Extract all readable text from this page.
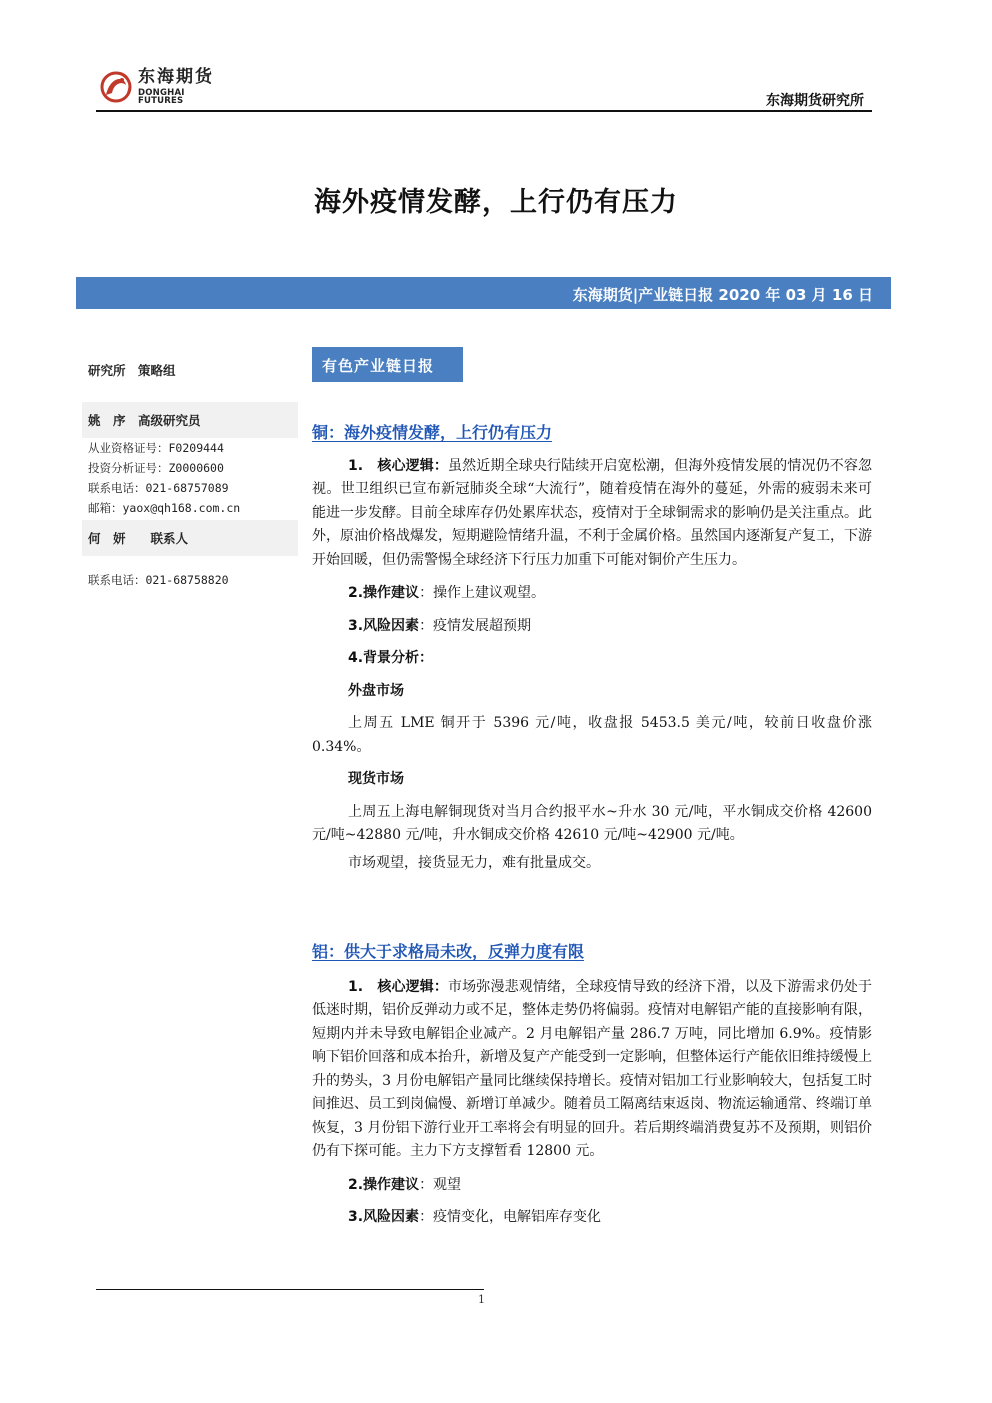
东海期货
DONGHAI FUTURES	东海期货研究所
海外疫情发酵，上行仍有压力
东海期货|产业链日报 2020 年 03 月 16 日
研究所　策略组
姚　序　高级研究员
从业资格证号：F0209444
投资分析证号：Z0000600
联系电话：021-68757089
邮箱：yaox@qh168.com.cn
何　妍　　联系人
联系电话：021-68758820
有色产业链日报
铜：海外疫情发酵，上行仍有压力
1.　核心逻辑：虽然近期全球央行陆续开启宽松潮，但海外疫情发展的情况仍不容忽视。世卫组织已宣布新冠肺炎全球“大流行”，随着疫情在海外的蔓延，外需的疲弱未来可能进一步发酵。目前全球库存仍处累库状态，疫情对于全球铜需求的影响仍是关注重点。此外，原油价格战爆发，短期避险情绪升温，不利于金属价格。虽然国内逐渐复产复工，下游开始回暖，但仍需警惕全球经济下行压力加重下可能对铜价产生压力。
2.操作建议：操作上建议观望。
3.风险因素：疫情发展超预期
4.背景分析：
外盘市场
上周五 LME 铜开于 5396 元/吨，收盘报 5453.5 美元/吨，较前日收盘价涨 0.34%。
现货市场
上周五上海电解铜现货对当月合约报平水~升水 30 元/吨，平水铜成交价格 42600 元/吨~42880 元/吨，升水铜成交价格 42610 元/吨~42900 元/吨。
市场观望，接货显无力，难有批量成交。
铝：供大于求格局未改，反弹力度有限
1.　核心逻辑：市场弥漫悲观情绪，全球疫情导致的经济下滑，以及下游需求仍处于低迷时期，铝价反弹动力或不足，整体走势仍将偏弱。疫情对电解铝产能的直接影响有限，短期内并未导致电解铝企业减产。2 月电解铝产量 286.7 万吨，同比增加 6.9%。疫情影响下铝价回落和成本抬升，新增及复产产能受到一定影响，但整体运行产能依旧维持缓慢上升的势头，3 月份电解铝产量同比继续保持增长。疫情对铝加工行业影响较大，包括复工时间推迟、员工到岗偏慢、新增订单减少。随着员工隔离结束返岗、物流运输通常、终端订单恢复，3 月份铝下游行业开工率将会有明显的回升。若后期终端消费复苏不及预期，则铝价仍有下探可能。主力下方支撑暂看 12800 元。
2.操作建议：观望
3.风险因素：疫情变化，电解铝库存变化
1
